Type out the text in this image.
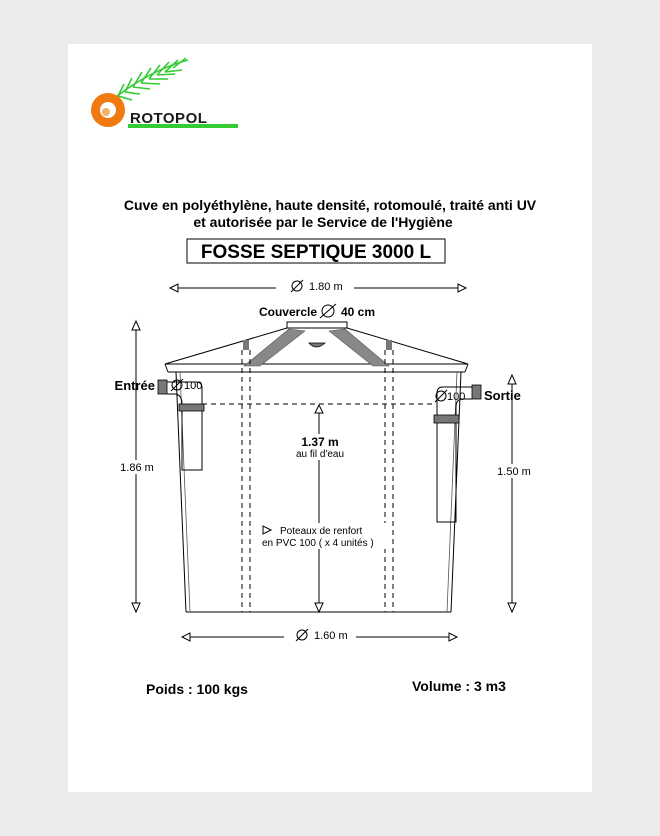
ROTOPOL
Cuve en polyéthylène, haute densité, rotomoulé, traité anti UV
et autorisée par le Service de l'Hygiène
FOSSE SEPTIQUE 3000 L
1.80 m
Couvercle 40 cm
100
Entrée
100 Sortie
1.86 m	1.50 m
1.37 m
au fil d'eau
Poteaux de renfort
en PVC 100 ( x 4 unités )
1.60 m
Poids : 100 kgs	Volume : 3 m3
